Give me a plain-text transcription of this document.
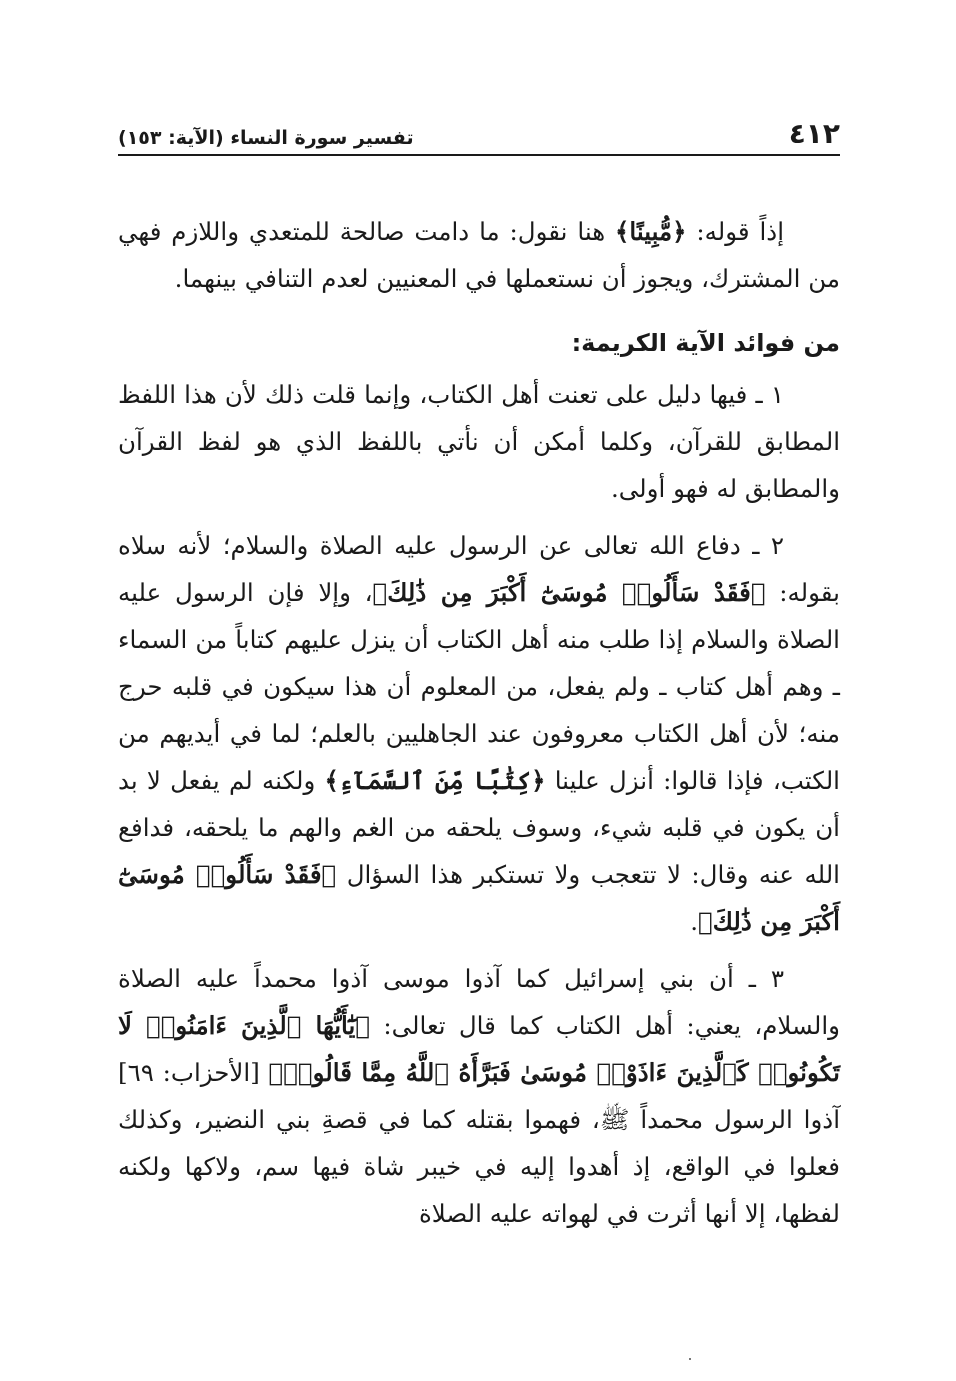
٤١٢
تفسير سورة النساء (الآية: ١٥٣)

إذاً قوله: ﴿مُّبِينًا﴾ هنا نقول: ما دامت صالحة للمتعدي واللازم فهي من المشترك، ويجوز أن نستعملها في المعنيين لعدم التنافي بينهما.

من فوائد الآية الكريمة:

١ ـ فيها دليل على تعنت أهل الكتاب، وإنما قلت ذلك لأن هذا اللفظ المطابق للقرآن، وكلما أمكن أن نأتي باللفظ الذي هو لفظ القرآن والمطابق له فهو أولى.

٢ ـ دفاع الله تعالى عن الرسول عليه الصلاة والسلام؛ لأنه سلاه بقوله: ﴿فَقَدْ سَأَلُوا۟ مُوسَىٰٓ أَكْبَرَ مِن ذَٰلِكَ﴾، وإلا فإن الرسول عليه الصلاة والسلام إذا طلب منه أهل الكتاب أن ينزل عليهم كتاباً من السماء ـ وهم أهل كتاب ـ ولم يفعل، من المعلوم أن هذا سيكون في قلبه حرج منه؛ لأن أهل الكتاب معروفون عند الجاهليين بالعلم؛ لما في أيديهم من الكتب، فإذا قالوا: أنزل علينا ﴿كِتَٰبًا مِّنَ ٱلسَّمَآءِ﴾ ولكنه لم يفعل لا بد أن يكون في قلبه شيء، وسوف يلحقه من الغم والهم ما يلحقه، فدافع الله عنه وقال: لا تتعجب ولا تستكبر هذا السؤال ﴿فَقَدْ سَأَلُوا۟ مُوسَىٰٓ أَكْبَرَ مِن ذَٰلِكَ﴾.

٣ ـ أن بني إسرائيل كما آذوا موسى آذوا محمداً عليه الصلاة والسلام، يعني: أهل الكتاب كما قال تعالى: ﴿يَٰٓأَيُّهَا ٱلَّذِينَ ءَامَنُوا۟ لَا تَكُونُوا۟ كَٱلَّذِينَ ءَاذَوْا۟ مُوسَىٰ فَبَرَّأَهُ ٱللَّهُ مِمَّا قَالُوا۟﴾ [الأحزاب: ٦٩] آذوا الرسول محمداً ﷺ، فهموا بقتله كما في قصةِ بني النضير، وكذلك فعلوا في الواقع، إذ أهدوا إليه في خيبر شاة فيها سم، ولاكها ولكنه لفظها، إلا أنها أثرت في لهواته عليه الصلاة
